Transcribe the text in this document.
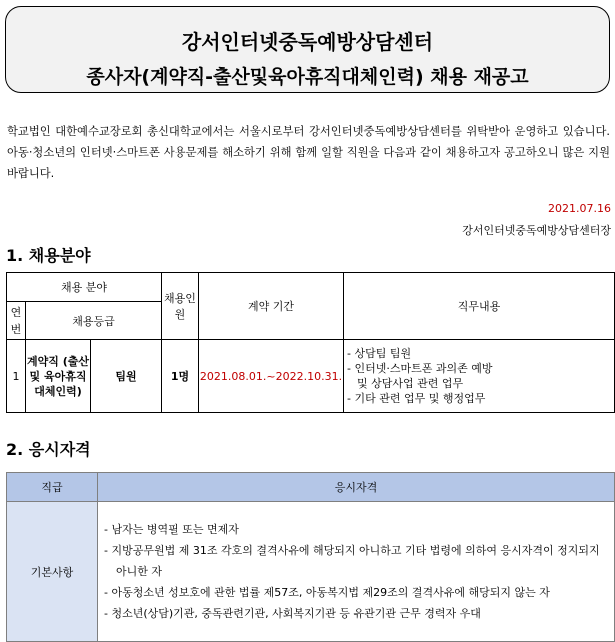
강서인터넷중독예방상담센터
종사자(계약직-출산및육아휴직대체인력) 채용 재공고
학교법인 대한예수교장로회 총신대학교에서는 서울시로부터 강서인터넷중독예방상담센터를 위탁받아 운영하고 있습니다. 아동·청소년의 인터넷·스마트폰 사용문제를 해소하기 위해 함께 일할 직원을 다음과 같이 채용하고자 공고하오니 많은 지원바랍니다.
2021.07.16
강서인터넷중독예방상담센터장
1. 채용분야
채용 분야			채용인원	계약 기간	직무내용
연번	채용등급				
1	계약직 (출산 및 육아휴직 대체인력)	팀원	1명	2021.08.01.~2022.10.31.	- 상담팀 팀원
- 인터넷·스마트폰 과의존 예방
및 상담사업 관련 업무
- 기타 관련 업무 및 행정업무
2. 응시자격
직급	응시자격
기본사항	- 남자는 병역필 또는 면제자
- 지방공무원법 제 31조 각호의 결격사유에 해당되지 아니하고 기타 법령에 의하여 응시자격이 정지되지 아니한 자
- 아동청소년 성보호에 관한 법률 제57조, 아동복지법 제29조의 결격사유에 해당되지 않는 자
- 청소년(상담)기관, 중독관련기관, 사회복지기관 등 유관기관 근무 경력자 우대
